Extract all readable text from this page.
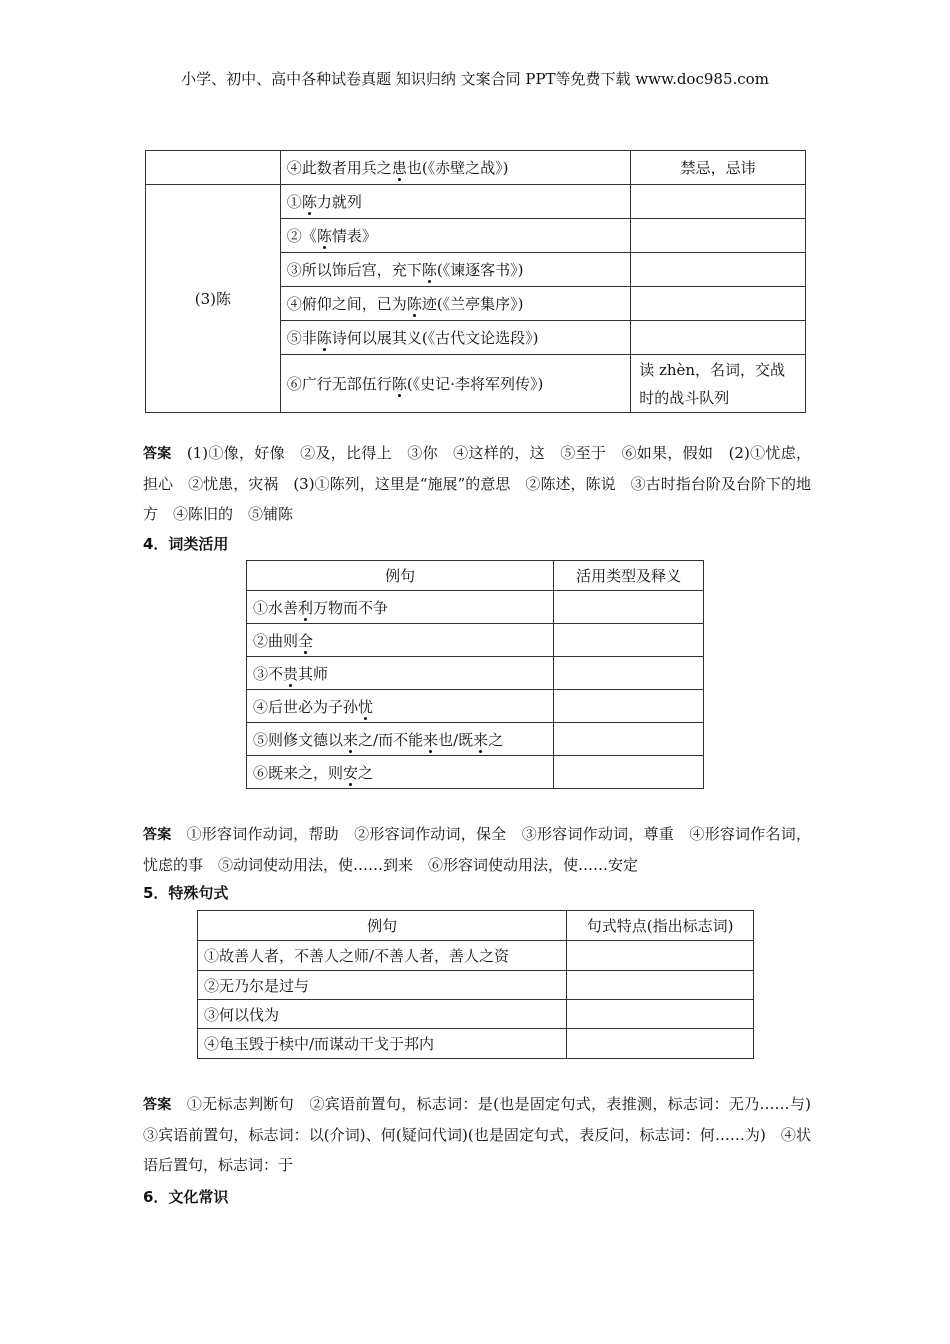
小学、初中、高中各种试卷真题 知识归纳 文案合同 PPT等免费下载 www.doc985.com
	④此数者用兵之患也(《赤壁之战》)	禁忌，忌讳
(3)陈	①陈力就列	
	②《陈情表》	
	③所以饰后宫，充下陈(《谏逐客书》)	
	④俯仰之间，已为陈迹(《兰亭集序》)	
	⑤非陈诗何以展其义(《古代文论选段》)	
	⑥广行无部伍行陈(《史记·李将军列传》)	读 zhèn，名词，交战时的战斗队列
答案 (1)①像，好像　②及，比得上　③你　④这样的，这　⑤至于　⑥如果，假如　(2)①忧虑，担心　②忧患，灾祸　(3)①陈列，这里是“施展”的意思　②陈述，陈说　③古时指台阶及台阶下的地方　④陈旧的　⑤铺陈
4．词类活用
例句	活用类型及释义
①水善利万物而不争	
②曲则全	
③不贵其师	
④后世必为子孙忧	
⑤则修文德以来之/而不能来也/既来之	
⑥既来之，则安之	
答案 ①形容词作动词，帮助　②形容词作动词，保全　③形容词作动词，尊重　④形容词作名词，忧虑的事　⑤动词使动用法，使……到来　⑥形容词使动用法，使……安定
5．特殊句式
例句	句式特点(指出标志词)
①故善人者，不善人之师/不善人者，善人之资	
②无乃尔是过与	
③何以伐为	
④龟玉毁于椟中/而谋动干戈于邦内	
答案 ①无标志判断句　②宾语前置句，标志词：是(也是固定句式，表推测，标志词：无乃……与)　③宾语前置句，标志词：以(介词)、何(疑问代词)(也是固定句式，表反问，标志词：何……为)　④状语后置句，标志词：于
6．文化常识
